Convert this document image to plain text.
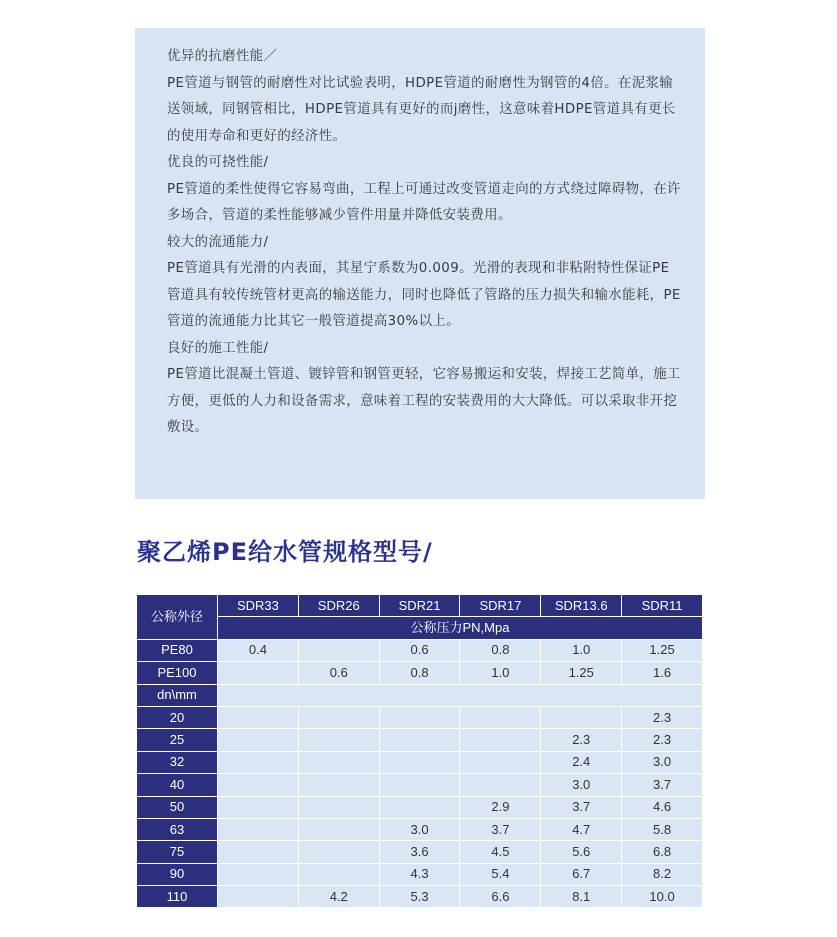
优异的抗磨性能／

PE管道与钢管的耐磨性对比试验表明，HDPE管道的耐磨性为钢管的4倍。在泥浆输送领域，同钢管相比，HDPE管道具有更好的而j磨性，这意味着HDPE管道具有更长的使用寿命和更好的经济性。

优良的可挠性能/

PE管道的柔性使得它容易弯曲，工程上可通过改变管道走向的方式绕过障碍物，在许多场合，管道的柔性能够减少管件用量并降低安装费用。

较大的流通能力/

PE管道具有光滑的内表面，其星宁系数为0.009。光滑的表现和非粘附特性保证PE管道具有较传统管材更高的输送能力，同时也降低了管路的压力损失和输水能耗，PE管道的流通能力比其它一般管道提高30%以上。

良好的施工性能/

PE管道比混凝土管道、镀锌管和钢管更轻，它容易搬运和安装，焊接工艺简单，施工方便，更低的人力和设备需求，意味着工程的安装费用的大大降低。可以采取非开挖敷设。

聚乙烯PE给水管规格型号/
公称外径	SDR33	SDR26	SDR21	SDR17	SDR13.6	SDR11
	公称压力PN,Mpa					
PE80	0.4		0.6	0.8	1.0	1.25
PE100		0.6	0.8	1.0	1.25	1.6
dn\mm						
20						2.3
25					2.3	2.3
32					2.4	3.0
40					3.0	3.7
50				2.9	3.7	4.6
63			3.0	3.7	4.7	5.8
75			3.6	4.5	5.6	6.8
90			4.3	5.4	6.7	8.2
110		4.2	5.3	6.6	8.1	10.0
